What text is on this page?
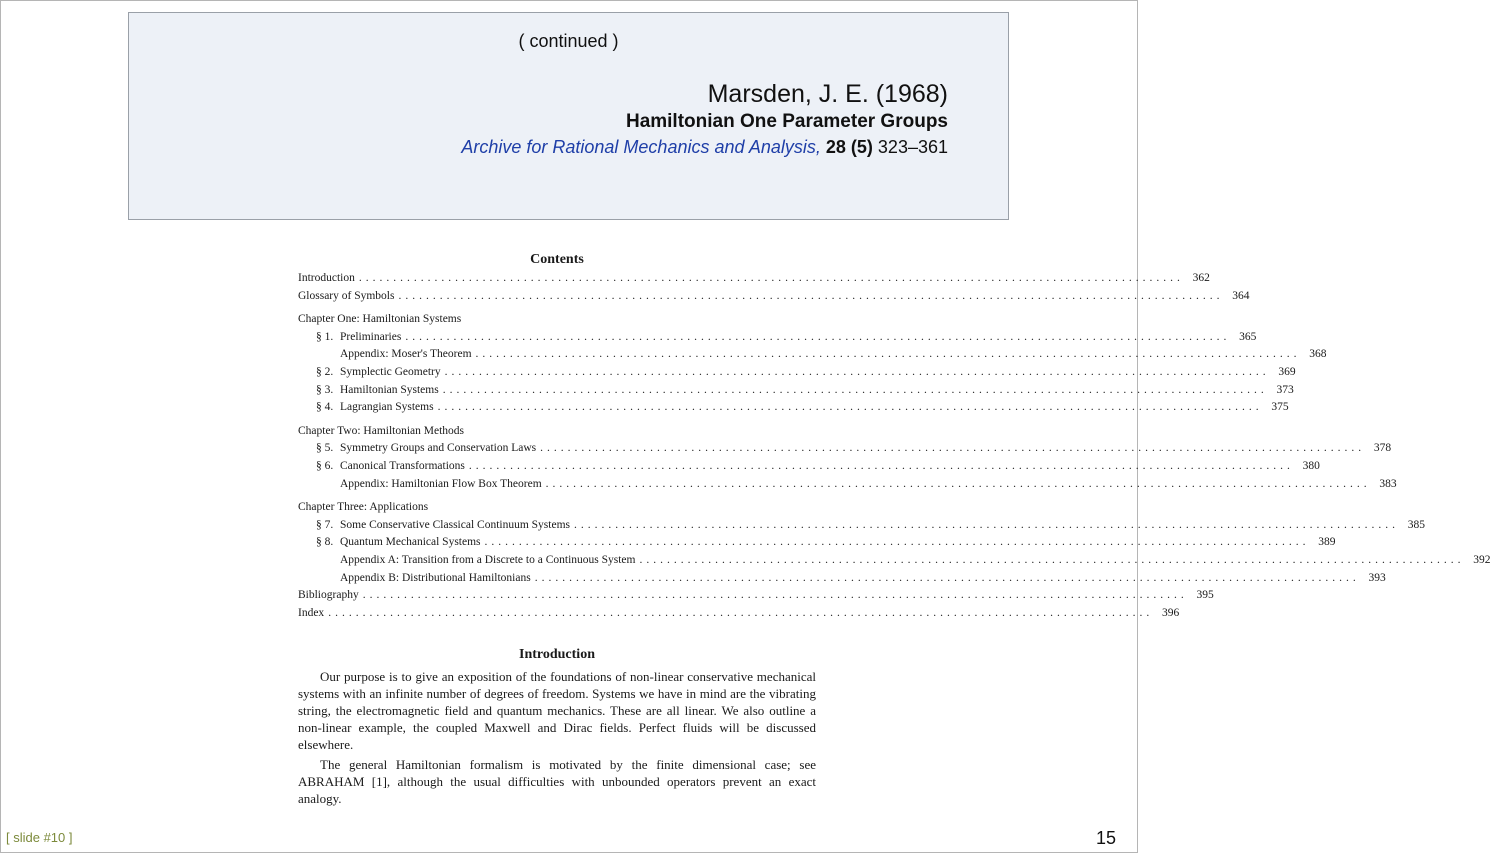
( continued )
Marsden, J. E. (1968)
Hamiltonian One Parameter Groups
Archive for Rational Mechanics and Analysis, 28 (5) 323–361
Contents
Introduction ........................................................................................................................ 362
Glossary of Symbols ........................................................................................................................ 364
Chapter One: Hamiltonian Systems
§ 1. Preliminaries ........................................................................................................................ 365
Appendix: Moser's Theorem ........................................................................................................................ 368
§ 2. Symplectic Geometry ........................................................................................................................ 369
§ 3. Hamiltonian Systems ........................................................................................................................ 373
§ 4. Lagrangian Systems ........................................................................................................................ 375
Chapter Two: Hamiltonian Methods
§ 5. Symmetry Groups and Conservation Laws ........................................................................................................................ 378
§ 6. Canonical Transformations ........................................................................................................................ 380
Appendix: Hamiltonian Flow Box Theorem ........................................................................................................................ 383
Chapter Three: Applications
§ 7. Some Conservative Classical Continuum Systems ........................................................................................................................ 385
§ 8. Quantum Mechanical Systems ........................................................................................................................ 389
Appendix A: Transition from a Discrete to a Continuous System ........................................................................................................................ 392
Appendix B: Distributional Hamiltonians ........................................................................................................................ 393
Bibliography ........................................................................................................................ 395
Index ........................................................................................................................ 396
Introduction

Our purpose is to give an exposition of the foundations of non-linear conservative mechanical systems with an infinite number of degrees of freedom. Systems we have in mind are the vibrating string, the electromagnetic field and quantum mechanics. These are all linear. We also outline a non-linear example, the coupled Maxwell and Dirac fields. Perfect fluids will be discussed elsewhere.

The general Hamiltonian formalism is motivated by the finite dimensional case; see ABRAHAM [1], although the usual difficulties with unbounded operators prevent an exact analogy.

[ slide #10 ]	15
